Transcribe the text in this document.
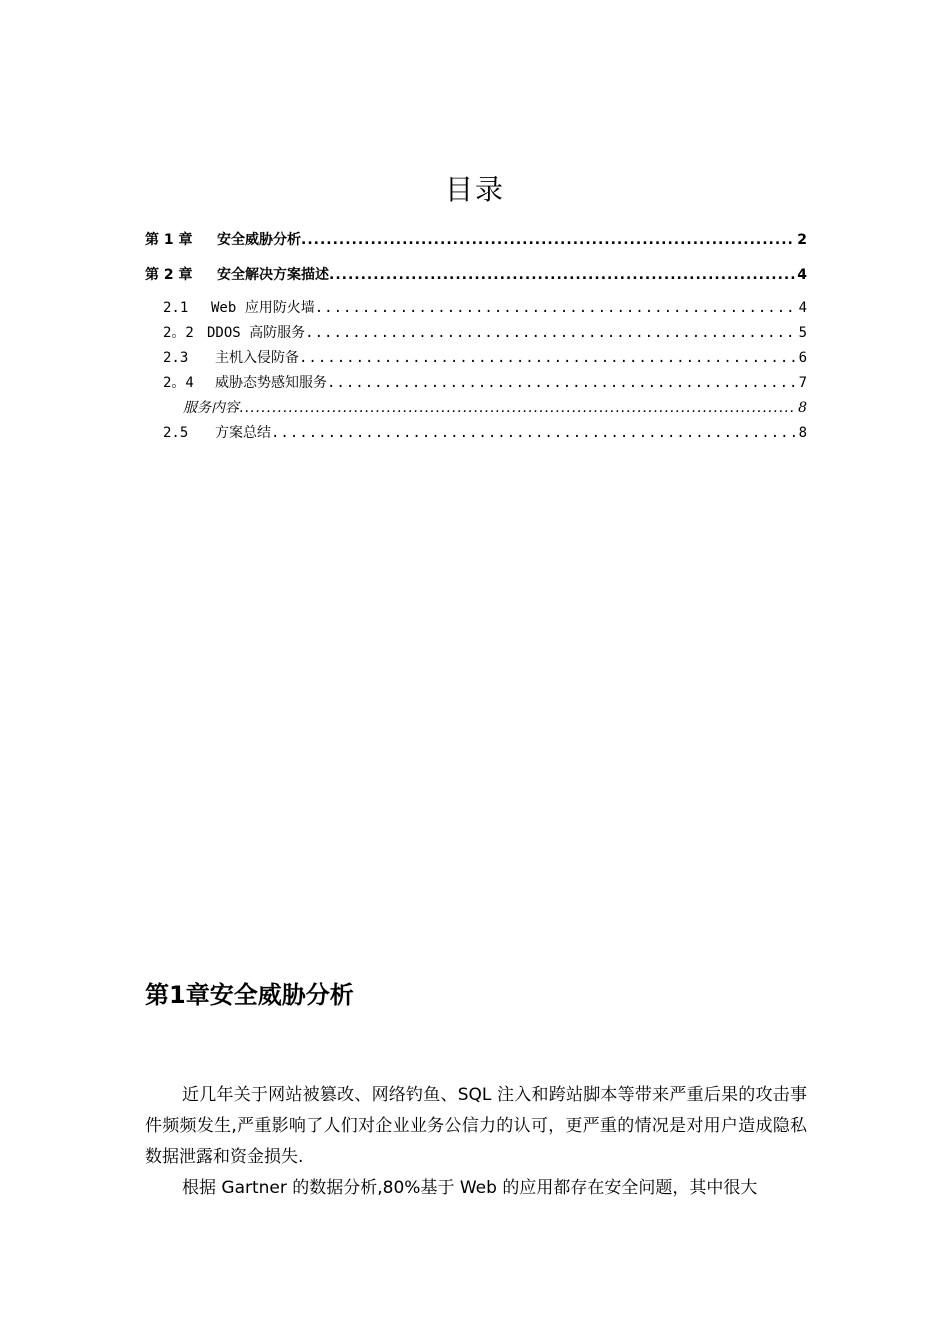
目录
第 1 章	安全威胁分析 .....	2
第 2 章	安全解决方案描述 .....	4
2.1	Web 应用防火墙 .....	4
2。2 DDOS 高防服务 .....	5
2.3	主机入侵防备 .....	6
2。4	威胁态势感知服务 .....	7
服务内容 .....	8
2.5	方案总结 .....	8
第1章安全威胁分析

近几年关于网站被篡改、网络钓鱼、SQL 注入和跨站脚本等带来严重后果的攻击事件频频发生,严重影响了人们对企业业务公信力的认可，更严重的情况是对用户造成隐私数据泄露和资金损失.

根据 Gartner 的数据分析,80%基于 Web 的应用都存在安全问题，其中很大
